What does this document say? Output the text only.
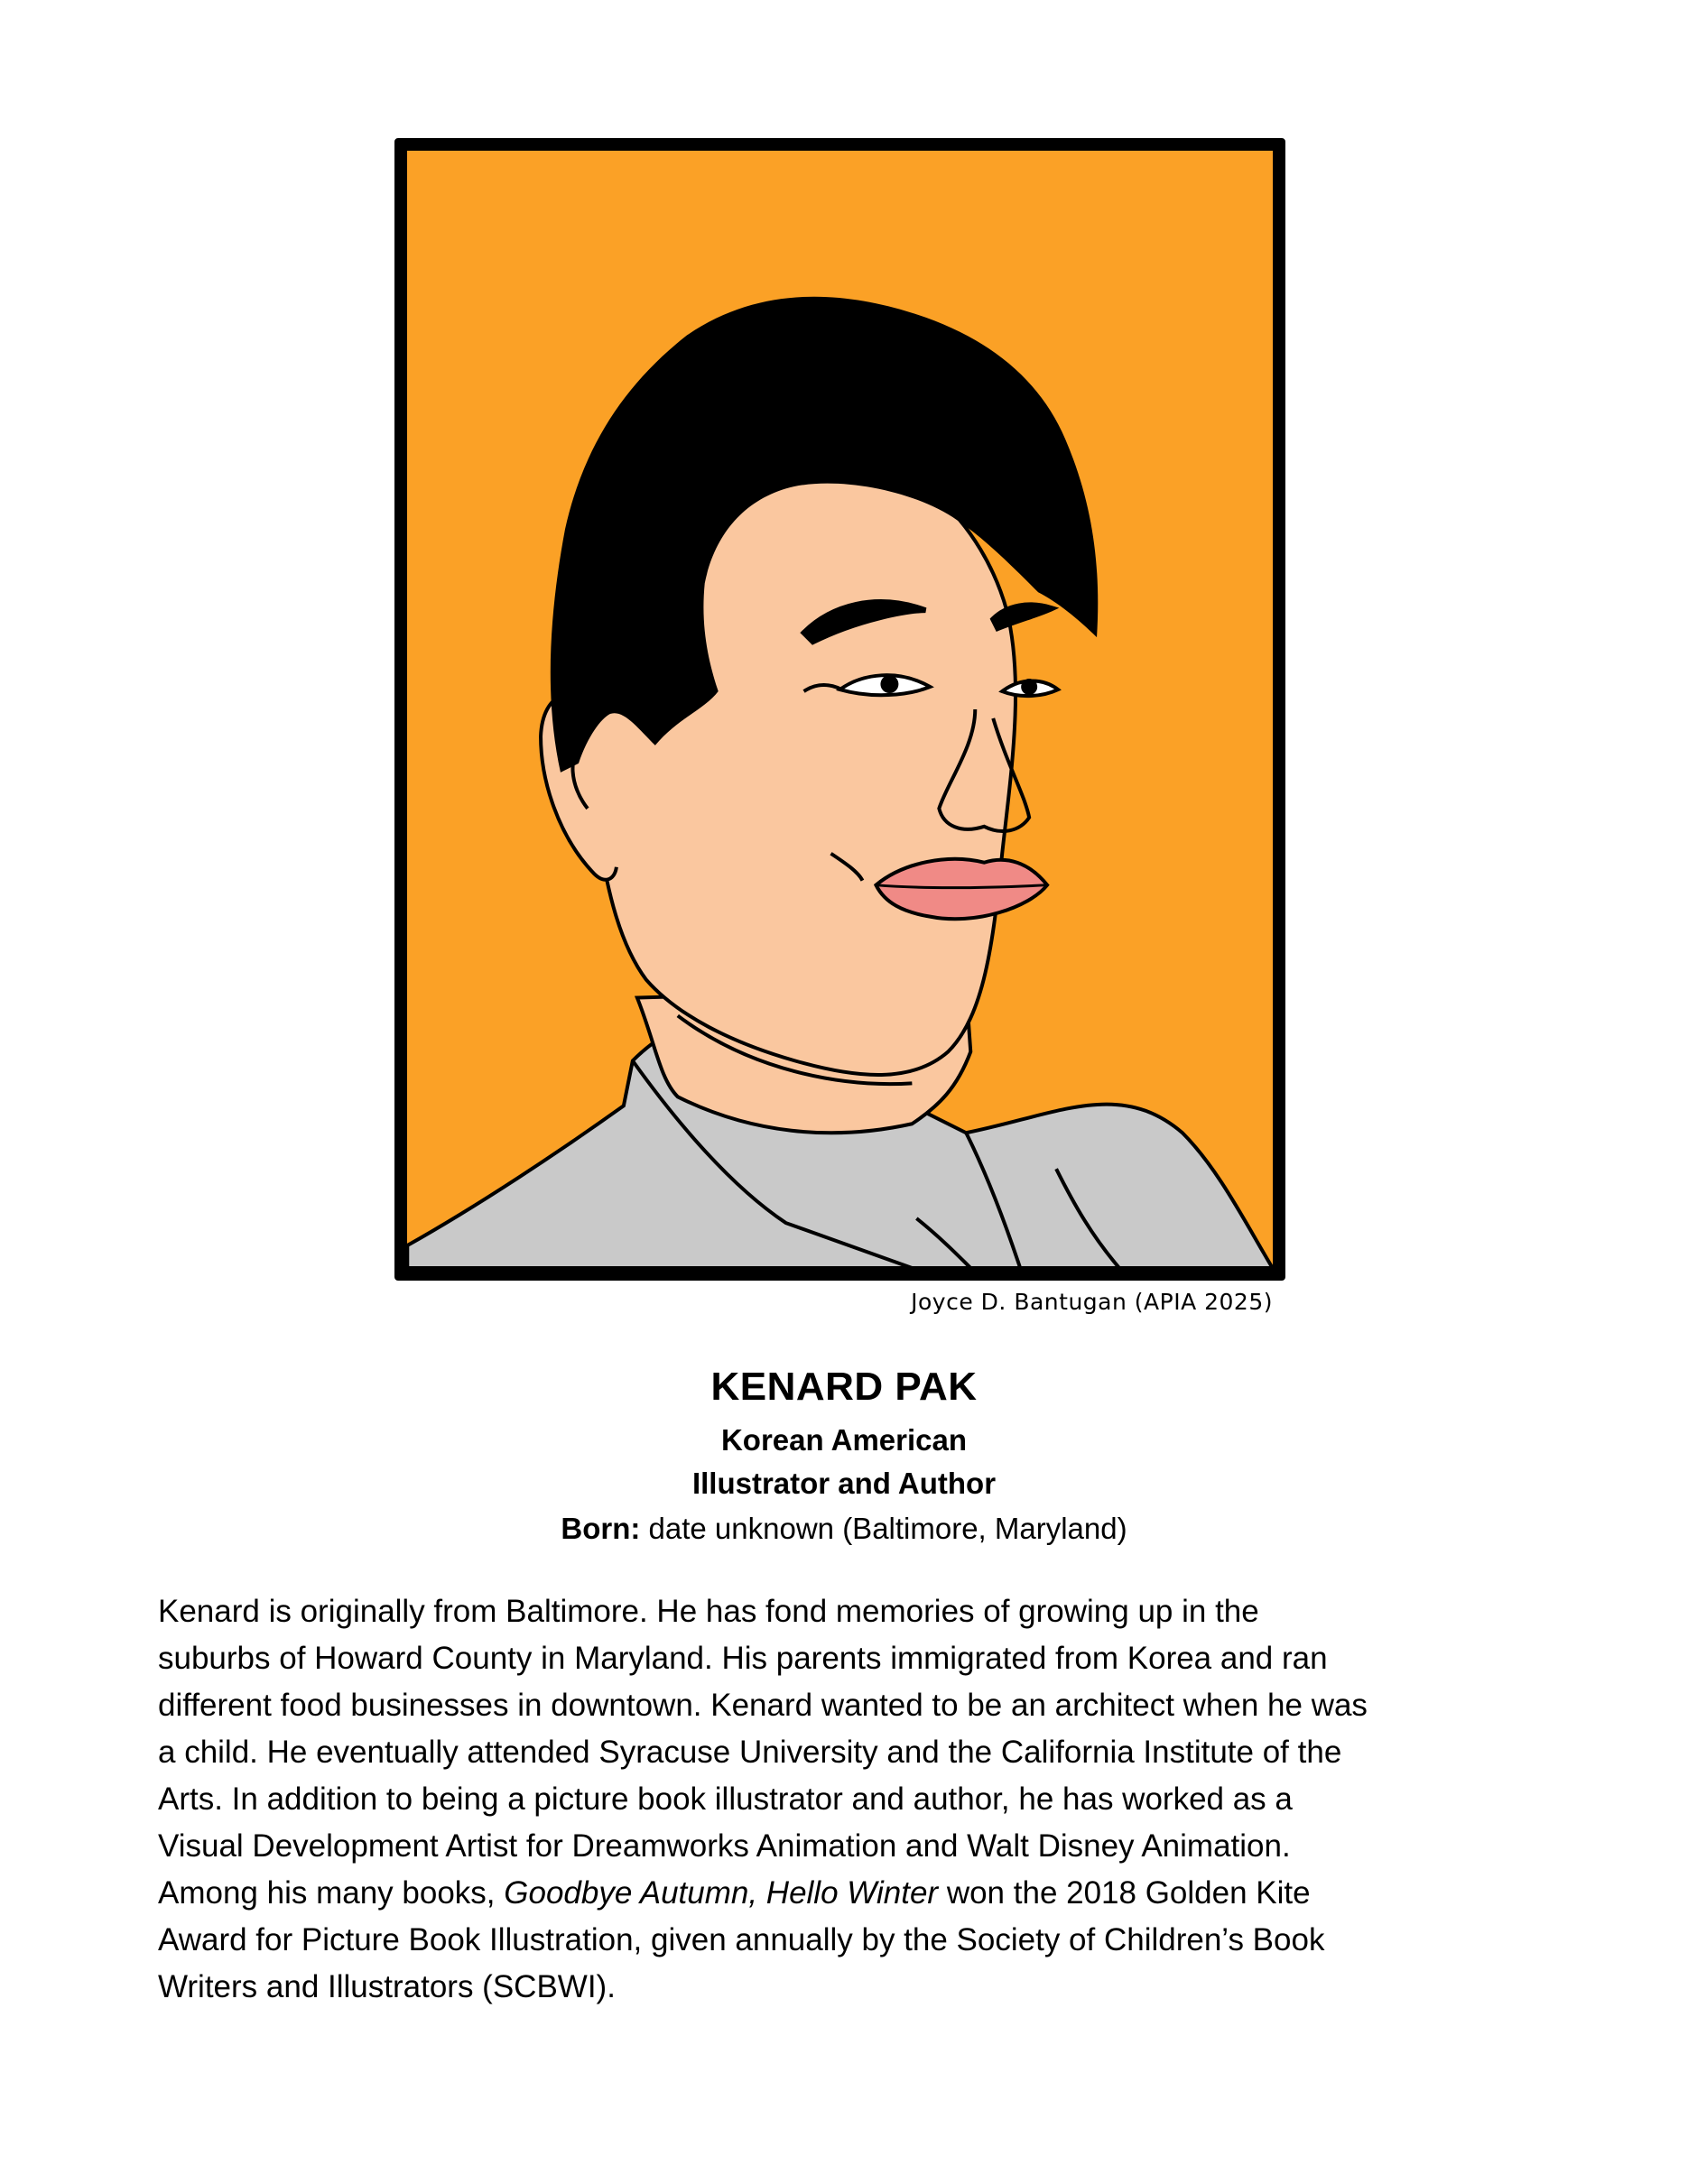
Joyce D. Bantugan (APIA 2025)
KENARD PAK
Korean American
Illustrator and Author
Born: date unknown (Baltimore, Maryland)
Kenard is originally from Baltimore. He has fond memories of growing up in the
suburbs of Howard County in Maryland. His parents immigrated from Korea and ran
different food businesses in downtown. Kenard wanted to be an architect when he was
a child. He eventually attended Syracuse University and the California Institute of the
Arts. In addition to being a picture book illustrator and author, he has worked as a
Visual Development Artist for Dreamworks Animation and Walt Disney Animation.
Among his many books, Goodbye Autumn, Hello Winter won the 2018 Golden Kite
Award for Picture Book Illustration, given annually by the Society of Children’s Book
Writers and Illustrators (SCBWI).
